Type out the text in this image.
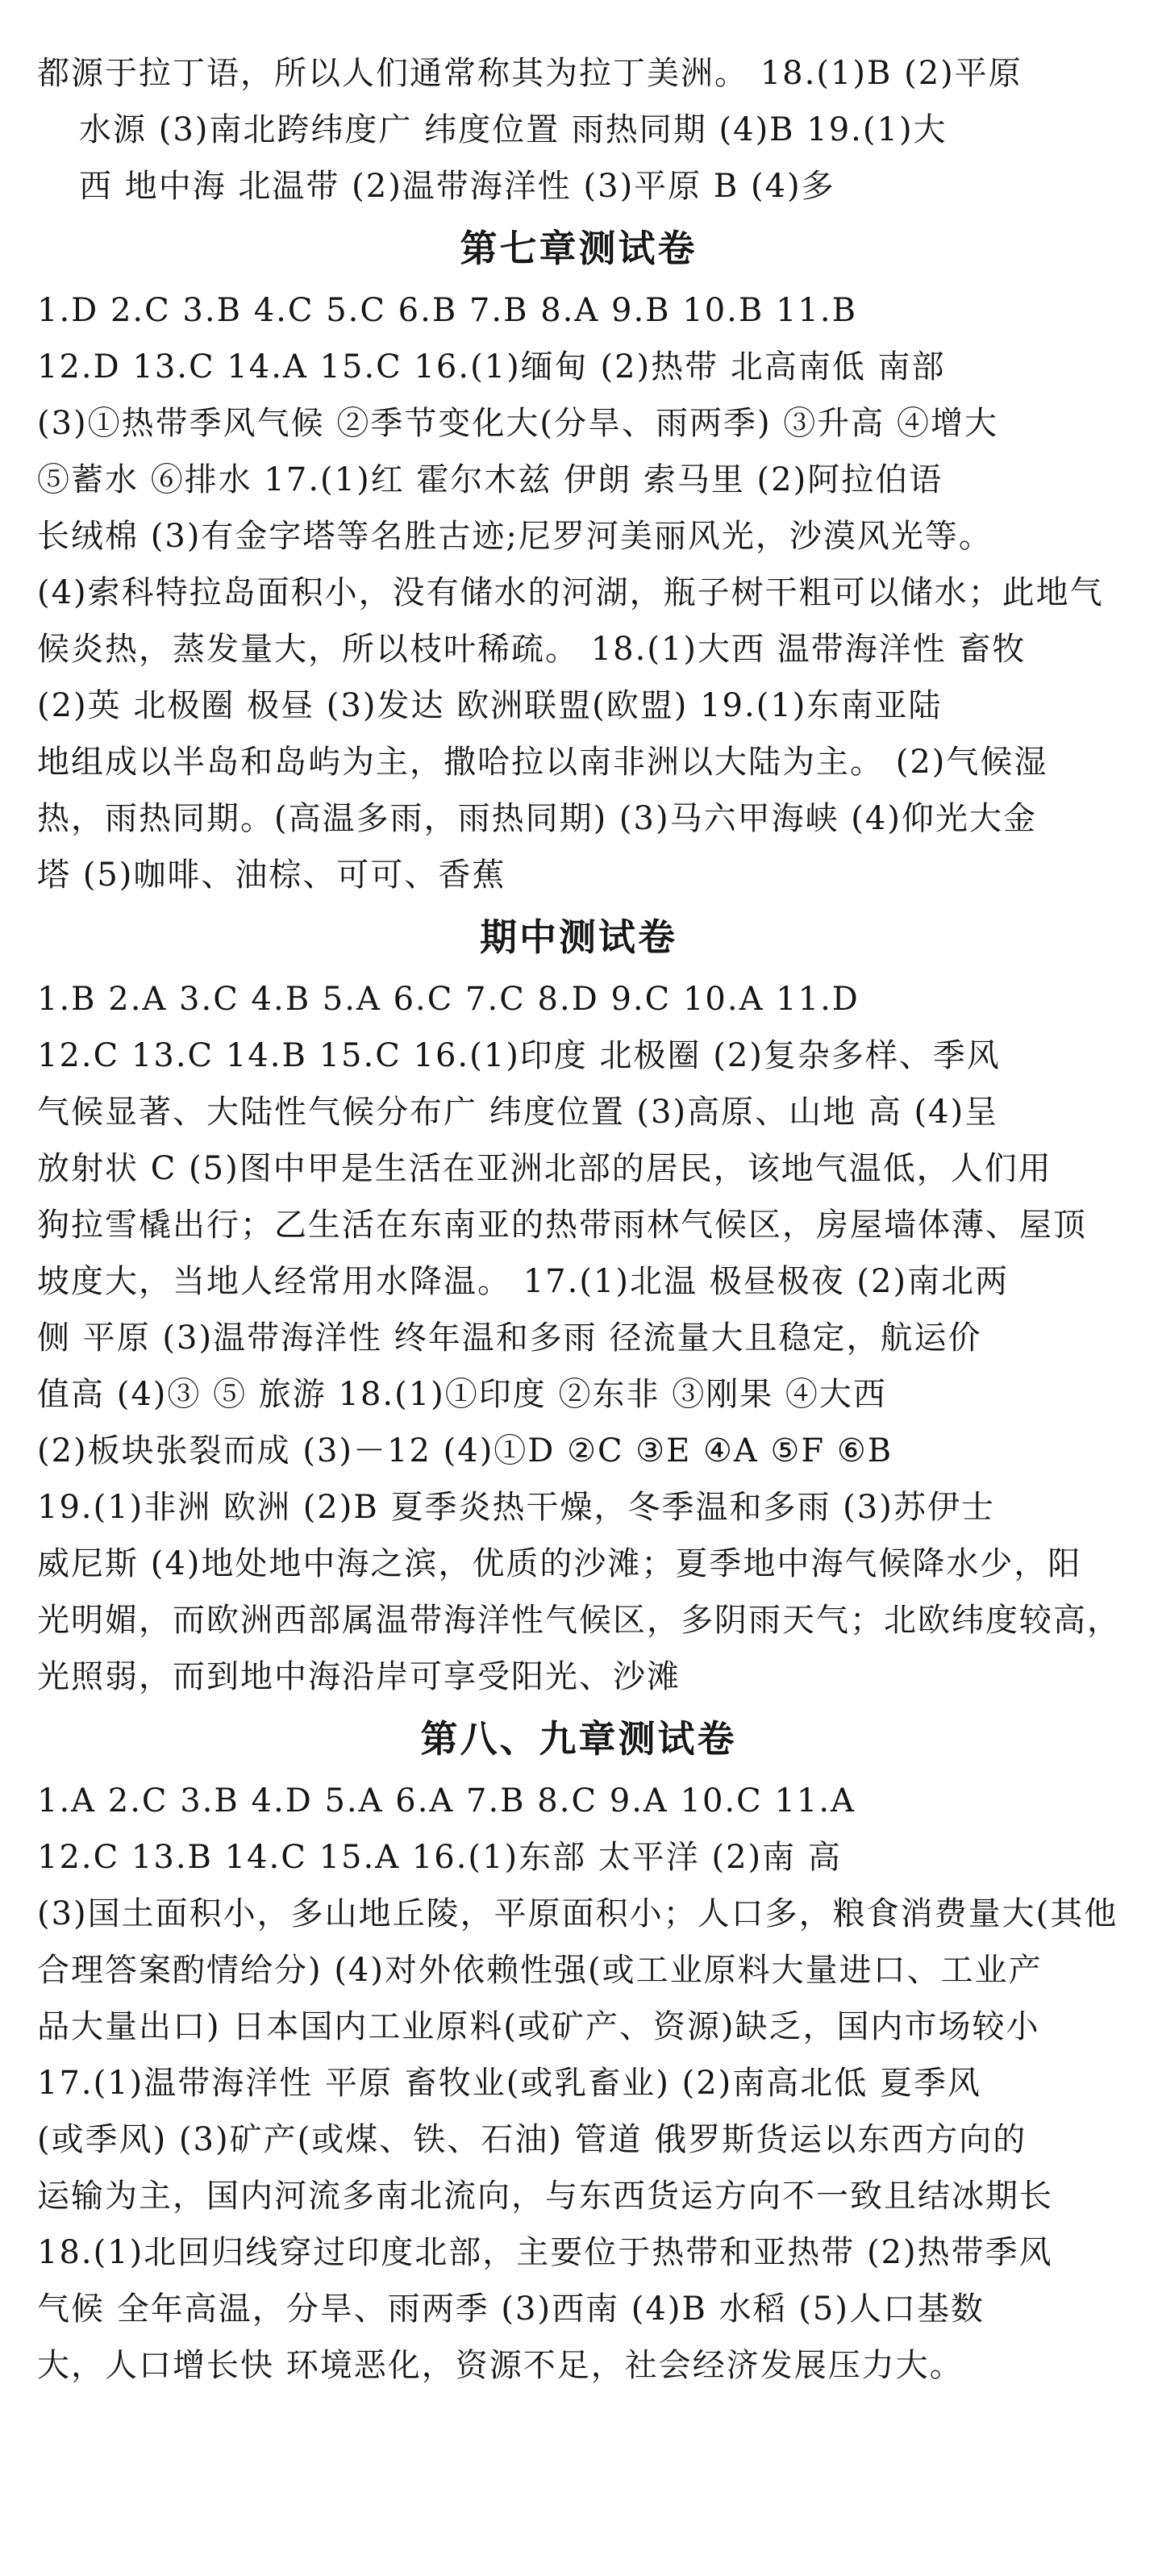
都源于拉丁语，所以人们通常称其为拉丁美洲。 18.(1)B (2)平原
水源 (3)南北跨纬度广 纬度位置 雨热同期 (4)B 19.(1)大
西 地中海 北温带 (2)温带海洋性 (3)平原 B (4)多
第七章测试卷
1.D 2.C 3.B 4.C 5.C 6.B 7.B 8.A 9.B 10.B 11.B
12.D 13.C 14.A 15.C 16.(1)缅甸 (2)热带 北高南低 南部
(3)①热带季风气候 ②季节变化大(分旱、雨两季) ③升高 ④增大
⑤蓄水 ⑥排水 17.(1)红 霍尔木兹 伊朗 索马里 (2)阿拉伯语
长绒棉 (3)有金字塔等名胜古迹;尼罗河美丽风光，沙漠风光等。
(4)索科特拉岛面积小，没有储水的河湖，瓶子树干粗可以储水；此地气
候炎热，蒸发量大，所以枝叶稀疏。 18.(1)大西 温带海洋性 畜牧
(2)英 北极圈 极昼 (3)发达 欧洲联盟(欧盟) 19.(1)东南亚陆
地组成以半岛和岛屿为主，撒哈拉以南非洲以大陆为主。 (2)气候湿
热，雨热同期。(高温多雨，雨热同期) (3)马六甲海峡 (4)仰光大金
塔 (5)咖啡、油棕、可可、香蕉
期中测试卷
1.B 2.A 3.C 4.B 5.A 6.C 7.C 8.D 9.C 10.A 11.D
12.C 13.C 14.B 15.C 16.(1)印度 北极圈 (2)复杂多样、季风
气候显著、大陆性气候分布广 纬度位置 (3)高原、山地 高 (4)呈
放射状 C (5)图中甲是生活在亚洲北部的居民，该地气温低，人们用
狗拉雪橇出行；乙生活在东南亚的热带雨林气候区，房屋墙体薄、屋顶
坡度大，当地人经常用水降温。 17.(1)北温 极昼极夜 (2)南北两
侧 平原 (3)温带海洋性 终年温和多雨 径流量大且稳定，航运价
值高 (4)③ ⑤ 旅游 18.(1)①印度 ②东非 ③刚果 ④大西
(2)板块张裂而成 (3)－12 (4)①D ②C ③E ④A ⑤F ⑥B
19.(1)非洲 欧洲 (2)B 夏季炎热干燥，冬季温和多雨 (3)苏伊士
威尼斯 (4)地处地中海之滨，优质的沙滩；夏季地中海气候降水少，阳
光明媚，而欧洲西部属温带海洋性气候区，多阴雨天气；北欧纬度较高，
光照弱，而到地中海沿岸可享受阳光、沙滩
第八、九章测试卷
1.A 2.C 3.B 4.D 5.A 6.A 7.B 8.C 9.A 10.C 11.A
12.C 13.B 14.C 15.A 16.(1)东部 太平洋 (2)南 高
(3)国土面积小，多山地丘陵，平原面积小；人口多，粮食消费量大(其他
合理答案酌情给分) (4)对外依赖性强(或工业原料大量进口、工业产
品大量出口) 日本国内工业原料(或矿产、资源)缺乏，国内市场较小
17.(1)温带海洋性 平原 畜牧业(或乳畜业) (2)南高北低 夏季风
(或季风) (3)矿产(或煤、铁、石油) 管道 俄罗斯货运以东西方向的
运输为主，国内河流多南北流向，与东西货运方向不一致且结冰期长
18.(1)北回归线穿过印度北部，主要位于热带和亚热带 (2)热带季风
气候 全年高温，分旱、雨两季 (3)西南 (4)B 水稻 (5)人口基数
大，人口增长快 环境恶化，资源不足，社会经济发展压力大。
